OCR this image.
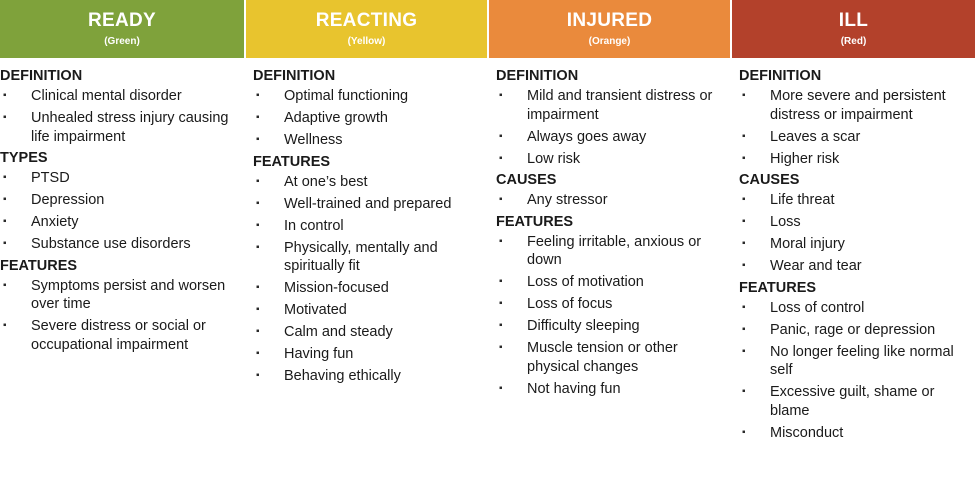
READY
(Green)
REACTING
(Yellow)
INJURED
(Orange)
ILL
(Red)
DEFINITION
▪ Optimal functioning
▪ Adaptive growth
▪ Wellness
FEATURES
▪ At one’s best
▪ Well-trained and prepared
▪ In control
▪ Physically, mentally and spiritually fit
▪ Mission-focused
▪ Motivated
▪ Calm and steady
▪ Having fun
▪ Behaving ethically
DEFINITION
▪ Mild and transient distress or impairment
▪ Always goes away
▪ Low risk
CAUSES
▪ Any stressor
FEATURES
▪ Feeling irritable, anxious or down
▪ Loss of motivation
▪ Loss of focus
▪ Difficulty sleeping
▪ Muscle tension or other physical changes
▪ Not having fun
DEFINITION
▪ More severe and persistent distress or impairment
▪ Leaves a scar
▪ Higher risk
CAUSES
▪ Life threat
▪ Loss
▪ Moral injury
▪ Wear and tear
FEATURES
▪ Loss of control
▪ Panic, rage or depression
▪ No longer feeling like normal self
▪ Excessive guilt, shame or blame
▪ Misconduct
DEFINITION
▪ Clinical mental disorder
▪ Unhealed stress injury causing life impairment
TYPES
▪ PTSD
▪ Depression
▪ Anxiety
▪ Substance use disorders
FEATURES
▪ Symptoms persist and worsen over time
▪ Severe distress or social or occupational impairment
